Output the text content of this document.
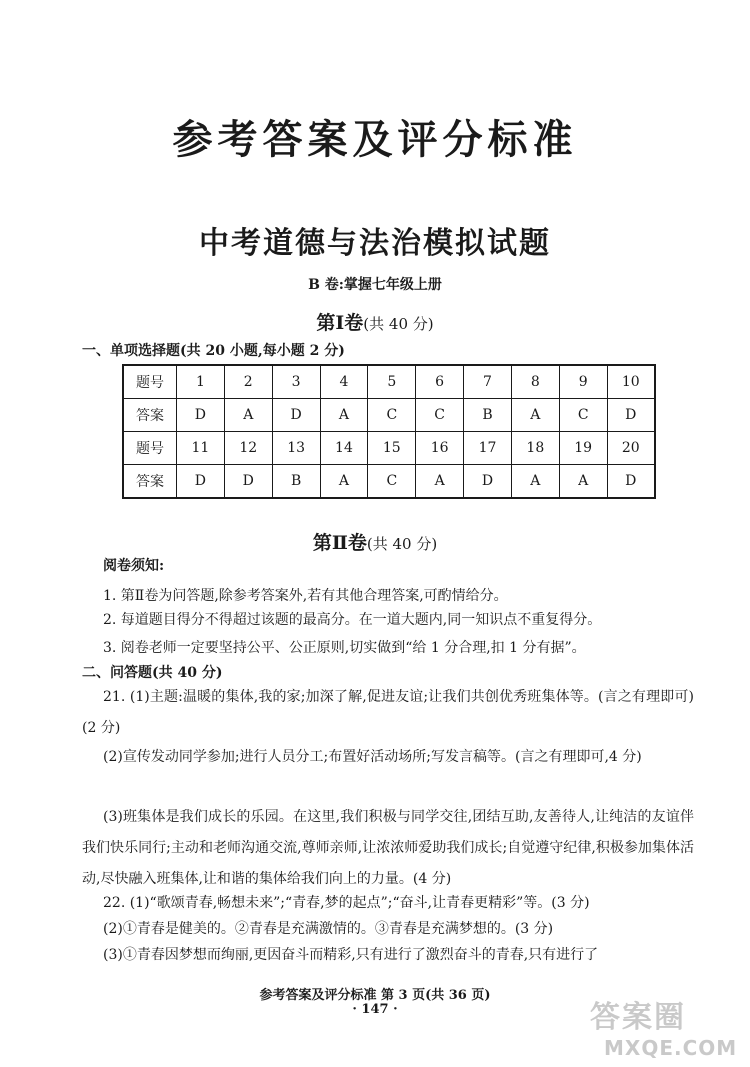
参考答案及评分标准
中考道德与法治模拟试题
B 卷:掌握七年级上册
第Ⅰ卷(共 40 分)
一、单项选择题(共 20 小题,每小题 2 分)
题号	1	2	3	4	5	6	7	8	9	10
答案	D	A	D	A	C	C	B	A	C	D
题号	11	12	13	14	15	16	17	18	19	20
答案	D	D	B	A	C	A	D	A	A	D
第Ⅱ卷(共 40 分)
阅卷须知:
1. 第Ⅱ卷为问答题,除参考答案外,若有其他合理答案,可酌情给分。
2. 每道题目得分不得超过该题的最高分。在一道大题内,同一知识点不重复得分。
3. 阅卷老师一定要坚持公平、公正原则,切实做到“给 1 分合理,扣 1 分有据”。
二、问答题(共 40 分)
21. (1)主题:温暖的集体,我的家;加深了解,促进友谊;让我们共创优秀班集体等。(言之有理即可)(2 分)
(2)宣传发动同学参加;进行人员分工;布置好活动场所;写发言稿等。(言之有理即可,4 分)
(3)班集体是我们成长的乐园。在这里,我们积极与同学交往,团结互助,友善待人,让纯洁的友谊伴我们快乐同行;主动和老师沟通交流,尊师亲师,让浓浓师爱助我们成长;自觉遵守纪律,积极参加集体活动,尽快融入班集体,让和谐的集体给我们向上的力量。(4 分)
22. (1)“歌颂青春,畅想未来”;“青春,梦的起点”;“奋斗,让青春更精彩”等。(3 分)
(2)①青春是健美的。②青春是充满激情的。③青春是充满梦想的。(3 分)
(3)①青春因梦想而绚丽,更因奋斗而精彩,只有进行了激烈奋斗的青春,只有进行了
参考答案及评分标准 第 3 页(共 36 页)
· 147 ·	答案圈
MXQE.COM
